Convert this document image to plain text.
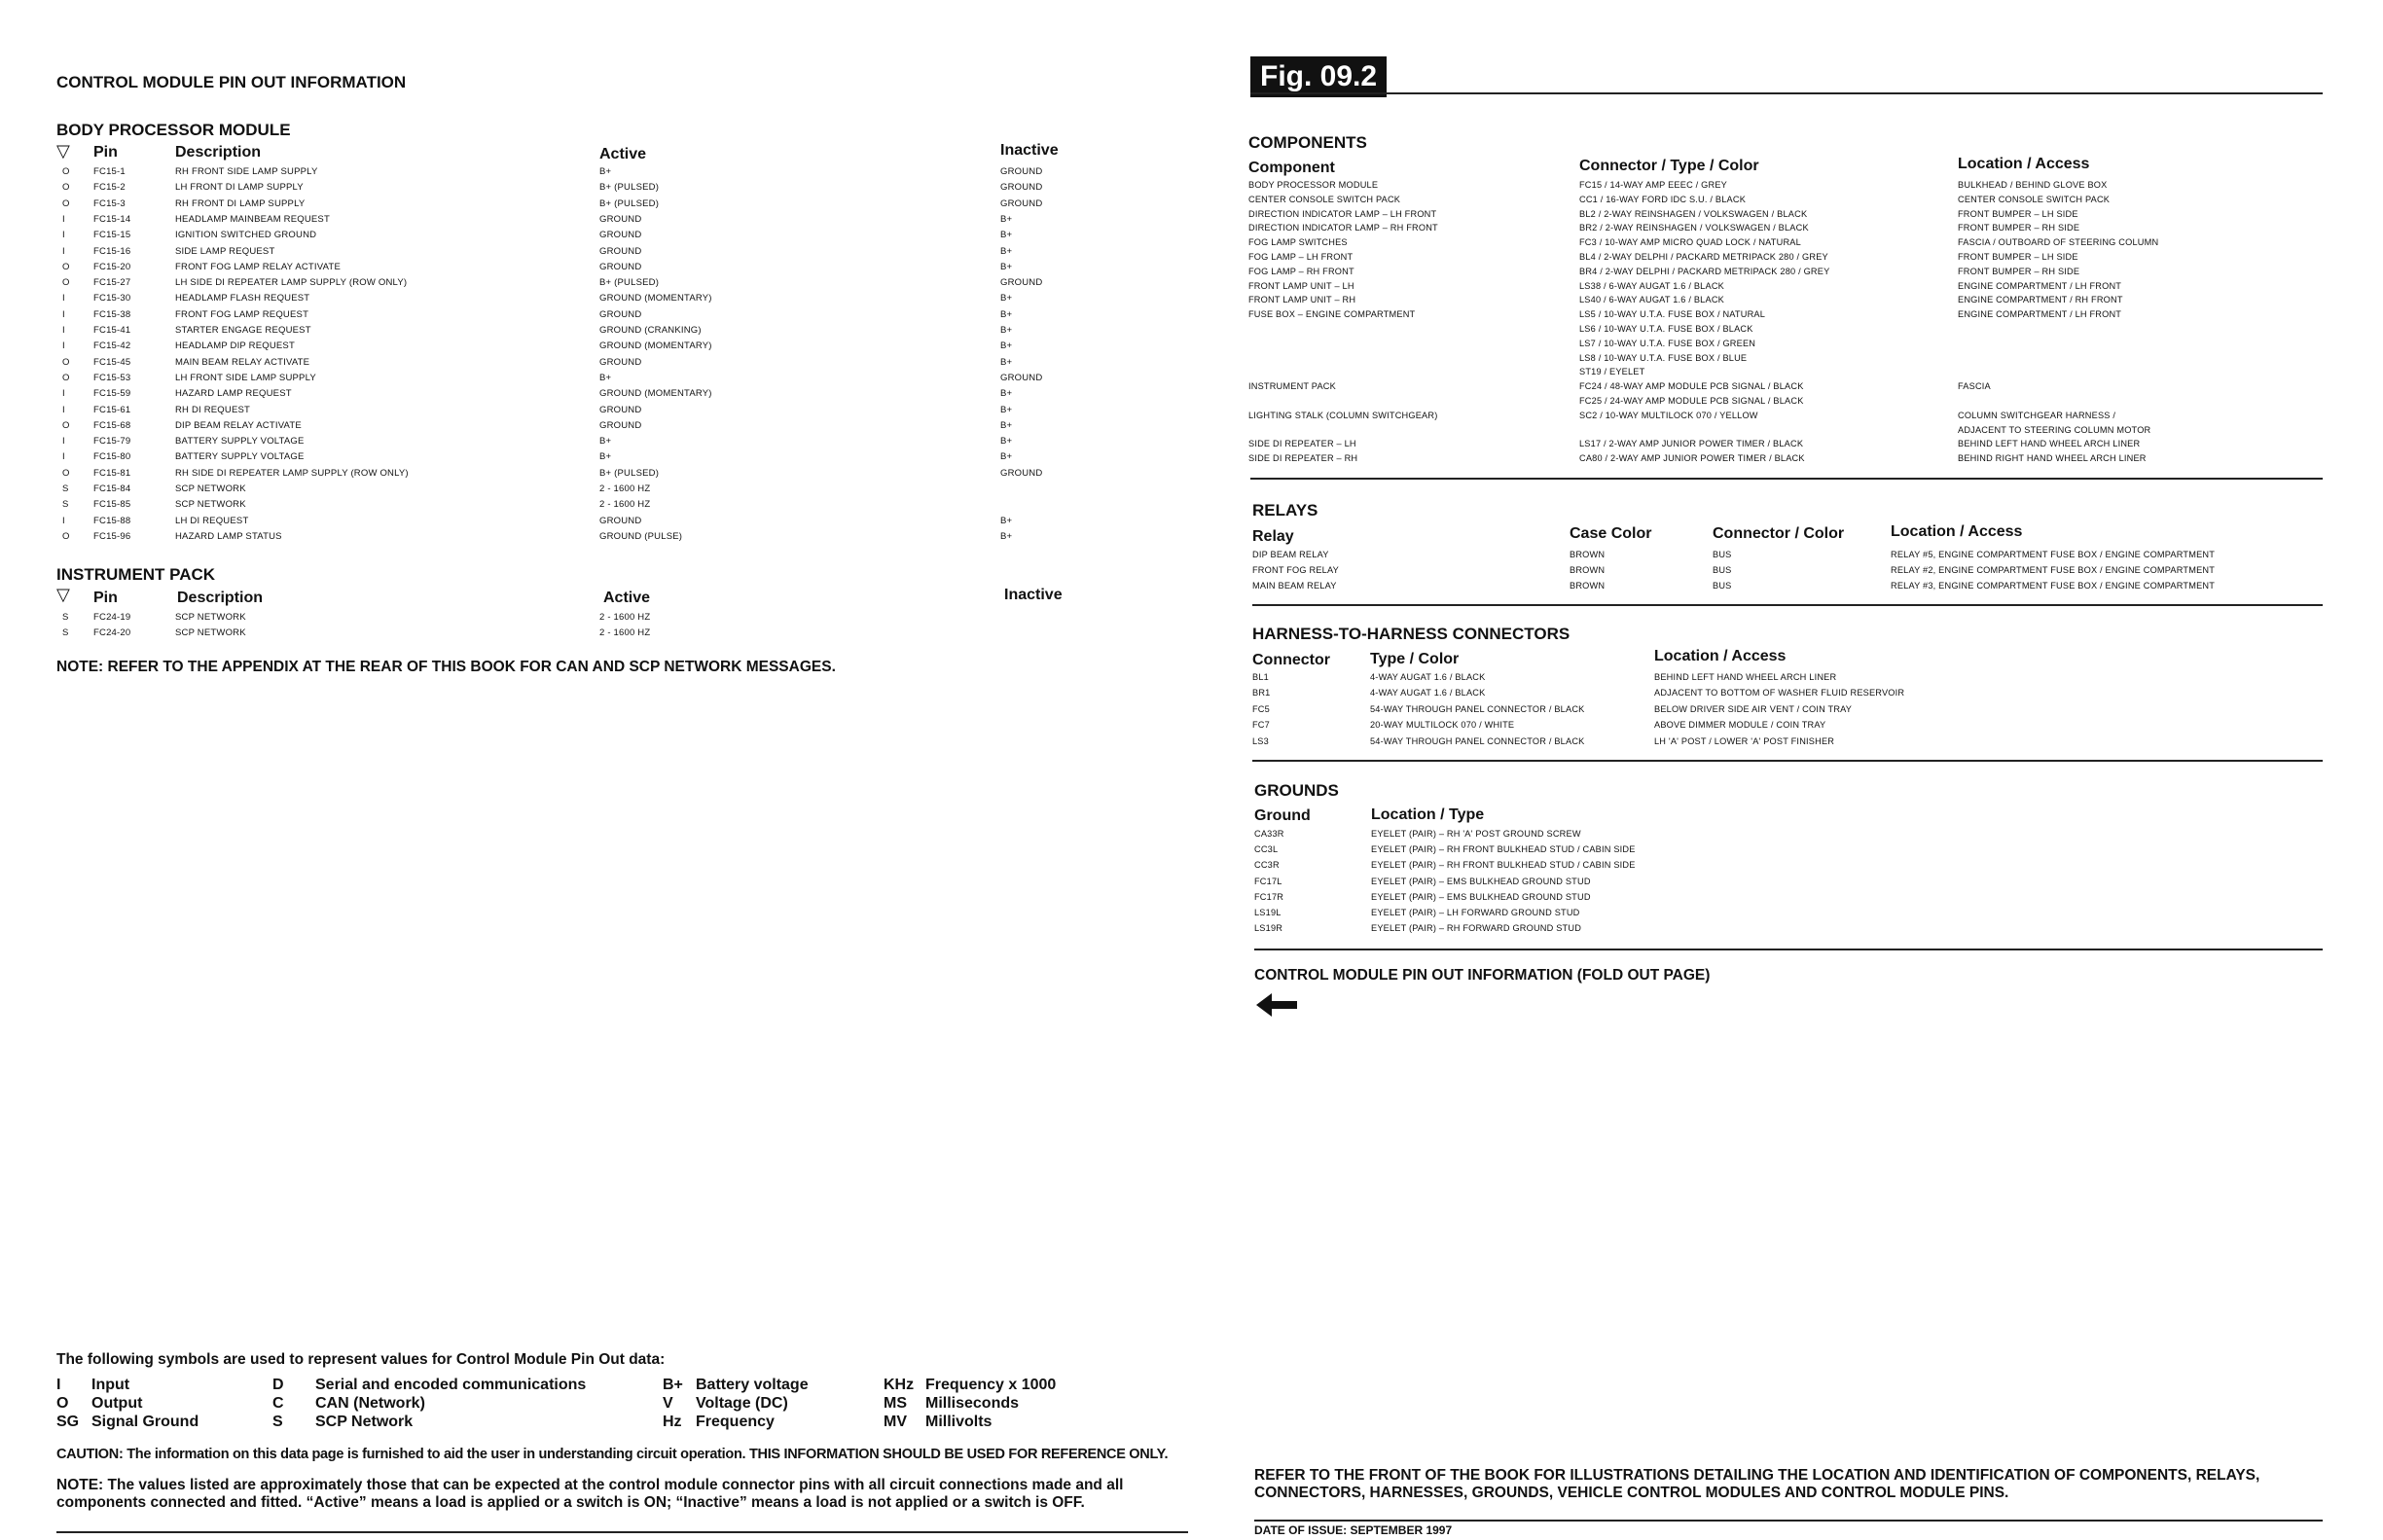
CONTROL MODULE PIN OUT INFORMATION
BODY PROCESSOR MODULE
▽ Pin	Description	Active	Inactive
O	FC15-1	RH FRONT SIDE LAMP SUPPLY	B+	GROUND
O	FC15-2	LH FRONT DI LAMP SUPPLY	B+ (PULSED)	GROUND
O	FC15-3	RH FRONT DI LAMP SUPPLY	B+ (PULSED)	GROUND
I	FC15-14	HEADLAMP MAINBEAM REQUEST	GROUND	B+
I	FC15-15	IGNITION SWITCHED GROUND	GROUND	B+
I	FC15-16	SIDE LAMP REQUEST	GROUND	B+
O	FC15-20	FRONT FOG LAMP RELAY ACTIVATE	GROUND	B+
O	FC15-27	LH SIDE DI REPEATER LAMP SUPPLY (ROW ONLY)	B+ (PULSED)	GROUND
I	FC15-30	HEADLAMP FLASH REQUEST	GROUND (MOMENTARY)	B+
I	FC15-38	FRONT FOG LAMP REQUEST	GROUND	B+
I	FC15-41	STARTER ENGAGE REQUEST	GROUND (CRANKING)	B+
I	FC15-42	HEADLAMP DIP REQUEST	GROUND (MOMENTARY)	B+
O	FC15-45	MAIN BEAM RELAY ACTIVATE	GROUND	B+
O	FC15-53	LH FRONT SIDE LAMP SUPPLY	B+	GROUND
I	FC15-59	HAZARD LAMP REQUEST	GROUND (MOMENTARY)	B+
I	FC15-61	RH DI REQUEST	GROUND	B+
O	FC15-68	DIP BEAM RELAY ACTIVATE	GROUND	B+
I	FC15-79	BATTERY SUPPLY VOLTAGE	B+	B+
I	FC15-80	BATTERY SUPPLY VOLTAGE	B+	B+
O	FC15-81	RH SIDE DI REPEATER LAMP SUPPLY (ROW ONLY)	B+ (PULSED)	GROUND
S	FC15-84	SCP NETWORK	2 - 1600 HZ
S	FC15-85	SCP NETWORK	2 - 1600 HZ
I	FC15-88	LH DI REQUEST	GROUND	B+
O	FC15-96	HAZARD LAMP STATUS	GROUND (PULSE)	B+
INSTRUMENT PACK
▽ Pin	Description	Active	Inactive
S	FC24-19	SCP NETWORK	2 - 1600 HZ
S	FC24-20	SCP NETWORK	2 - 1600 HZ
NOTE: REFER TO THE APPENDIX AT THE REAR OF THIS BOOK FOR CAN AND SCP NETWORK MESSAGES.
The following symbols are used to represent values for Control Module Pin Out data:
I Input	D Serial and encoded communications	B+ Battery voltage	KHz Frequency x 1000
O Output	C CAN (Network)	V Voltage (DC)	MS Milliseconds
SG Signal Ground	S SCP Network	Hz Frequency	MV Millivolts
CAUTION: The information on this data page is furnished to aid the user in understanding circuit operation. THIS INFORMATION SHOULD BE USED FOR REFERENCE ONLY.
NOTE: The values listed are approximately those that can be expected at the control module connector pins with all circuit connections made and all components connected and fitted. “Active” means a load is applied or a switch is ON; “Inactive” means a load is not applied or a switch is OFF.
Fig. 09.2
COMPONENTS
Component	Connector / Type / Color	Location / Access
BODY PROCESSOR MODULE	FC15 / 14-WAY AMP EEEC / GREY	BULKHEAD / BEHIND GLOVE BOX
CENTER CONSOLE SWITCH PACK	CC1 / 16-WAY FORD IDC S.U. / BLACK	CENTER CONSOLE SWITCH PACK
DIRECTION INDICATOR LAMP – LH FRONT	BL2 / 2-WAY REINSHAGEN / VOLKSWAGEN / BLACK	FRONT BUMPER – LH SIDE
DIRECTION INDICATOR LAMP – RH FRONT	BR2 / 2-WAY REINSHAGEN / VOLKSWAGEN / BLACK	FRONT BUMPER – RH SIDE
FOG LAMP SWITCHES	FC3 / 10-WAY AMP MICRO QUAD LOCK / NATURAL	FASCIA / OUTBOARD OF STEERING COLUMN
FOG LAMP – LH FRONT	BL4 / 2-WAY DELPHI / PACKARD METRIPACK 280 / GREY	FRONT BUMPER – LH SIDE
FOG LAMP – RH FRONT	BR4 / 2-WAY DELPHI / PACKARD METRIPACK 280 / GREY	FRONT BUMPER – RH SIDE
FRONT LAMP UNIT – LH	LS38 / 6-WAY AUGAT 1.6 / BLACK	ENGINE COMPARTMENT / LH FRONT
FRONT LAMP UNIT – RH	LS40 / 6-WAY AUGAT 1.6 / BLACK	ENGINE COMPARTMENT / RH FRONT
FUSE BOX – ENGINE COMPARTMENT	LS5 / 10-WAY U.T.A. FUSE BOX / NATURAL	ENGINE COMPARTMENT / LH FRONT
LS6 / 10-WAY U.T.A. FUSE BOX / BLACK
LS7 / 10-WAY U.T.A. FUSE BOX / GREEN
LS8 / 10-WAY U.T.A. FUSE BOX / BLUE
ST19 / EYELET
INSTRUMENT PACK	FC24 / 48-WAY AMP MODULE PCB SIGNAL / BLACK	FASCIA
FC25 / 24-WAY AMP MODULE PCB SIGNAL / BLACK
LIGHTING STALK (COLUMN SWITCHGEAR)	SC2 / 10-WAY MULTILOCK 070 / YELLOW	COLUMN SWITCHGEAR HARNESS /
ADJACENT TO STEERING COLUMN MOTOR
SIDE DI REPEATER – LH	LS17 / 2-WAY AMP JUNIOR POWER TIMER / BLACK	BEHIND LEFT HAND WHEEL ARCH LINER
SIDE DI REPEATER – RH	CA80 / 2-WAY AMP JUNIOR POWER TIMER / BLACK	BEHIND RIGHT HAND WHEEL ARCH LINER
RELAYS
Relay	Case Color	Connector / Color	Location / Access
DIP BEAM RELAY	BROWN	BUS	RELAY #5, ENGINE COMPARTMENT FUSE BOX / ENGINE COMPARTMENT
FRONT FOG RELAY	BROWN	BUS	RELAY #2, ENGINE COMPARTMENT FUSE BOX / ENGINE COMPARTMENT
MAIN BEAM RELAY	BROWN	BUS	RELAY #3, ENGINE COMPARTMENT FUSE BOX / ENGINE COMPARTMENT
HARNESS-TO-HARNESS CONNECTORS
Connector	Type / Color	Location / Access
BL1	4-WAY AUGAT 1.6 / BLACK	BEHIND LEFT HAND WHEEL ARCH LINER
BR1	4-WAY AUGAT 1.6 / BLACK	ADJACENT TO BOTTOM OF WASHER FLUID RESERVOIR
FC5	54-WAY THROUGH PANEL CONNECTOR / BLACK	BELOW DRIVER SIDE AIR VENT / COIN TRAY
FC7	20-WAY MULTILOCK 070 / WHITE	ABOVE DIMMER MODULE / COIN TRAY
LS3	54-WAY THROUGH PANEL CONNECTOR / BLACK	LH 'A' POST / LOWER 'A' POST FINISHER
GROUNDS
Ground	Location / Type
CA33R	EYELET (PAIR) – RH 'A' POST GROUND SCREW
CC3L	EYELET (PAIR) – RH FRONT BULKHEAD STUD / CABIN SIDE
CC3R	EYELET (PAIR) – RH FRONT BULKHEAD STUD / CABIN SIDE
FC17L	EYELET (PAIR) – EMS BULKHEAD GROUND STUD
FC17R	EYELET (PAIR) – EMS BULKHEAD GROUND STUD
LS19L	EYELET (PAIR) – LH FORWARD GROUND STUD
LS19R	EYELET (PAIR) – RH FORWARD GROUND STUD
CONTROL MODULE PIN OUT INFORMATION (FOLD OUT PAGE)
REFER TO THE FRONT OF THE BOOK FOR ILLUSTRATIONS DETAILING THE LOCATION AND IDENTIFICATION OF COMPONENTS, RELAYS, CONNECTORS, HARNESSES, GROUNDS, VEHICLE CONTROL MODULES AND CONTROL MODULE PINS.
DATE OF ISSUE: SEPTEMBER 1997
